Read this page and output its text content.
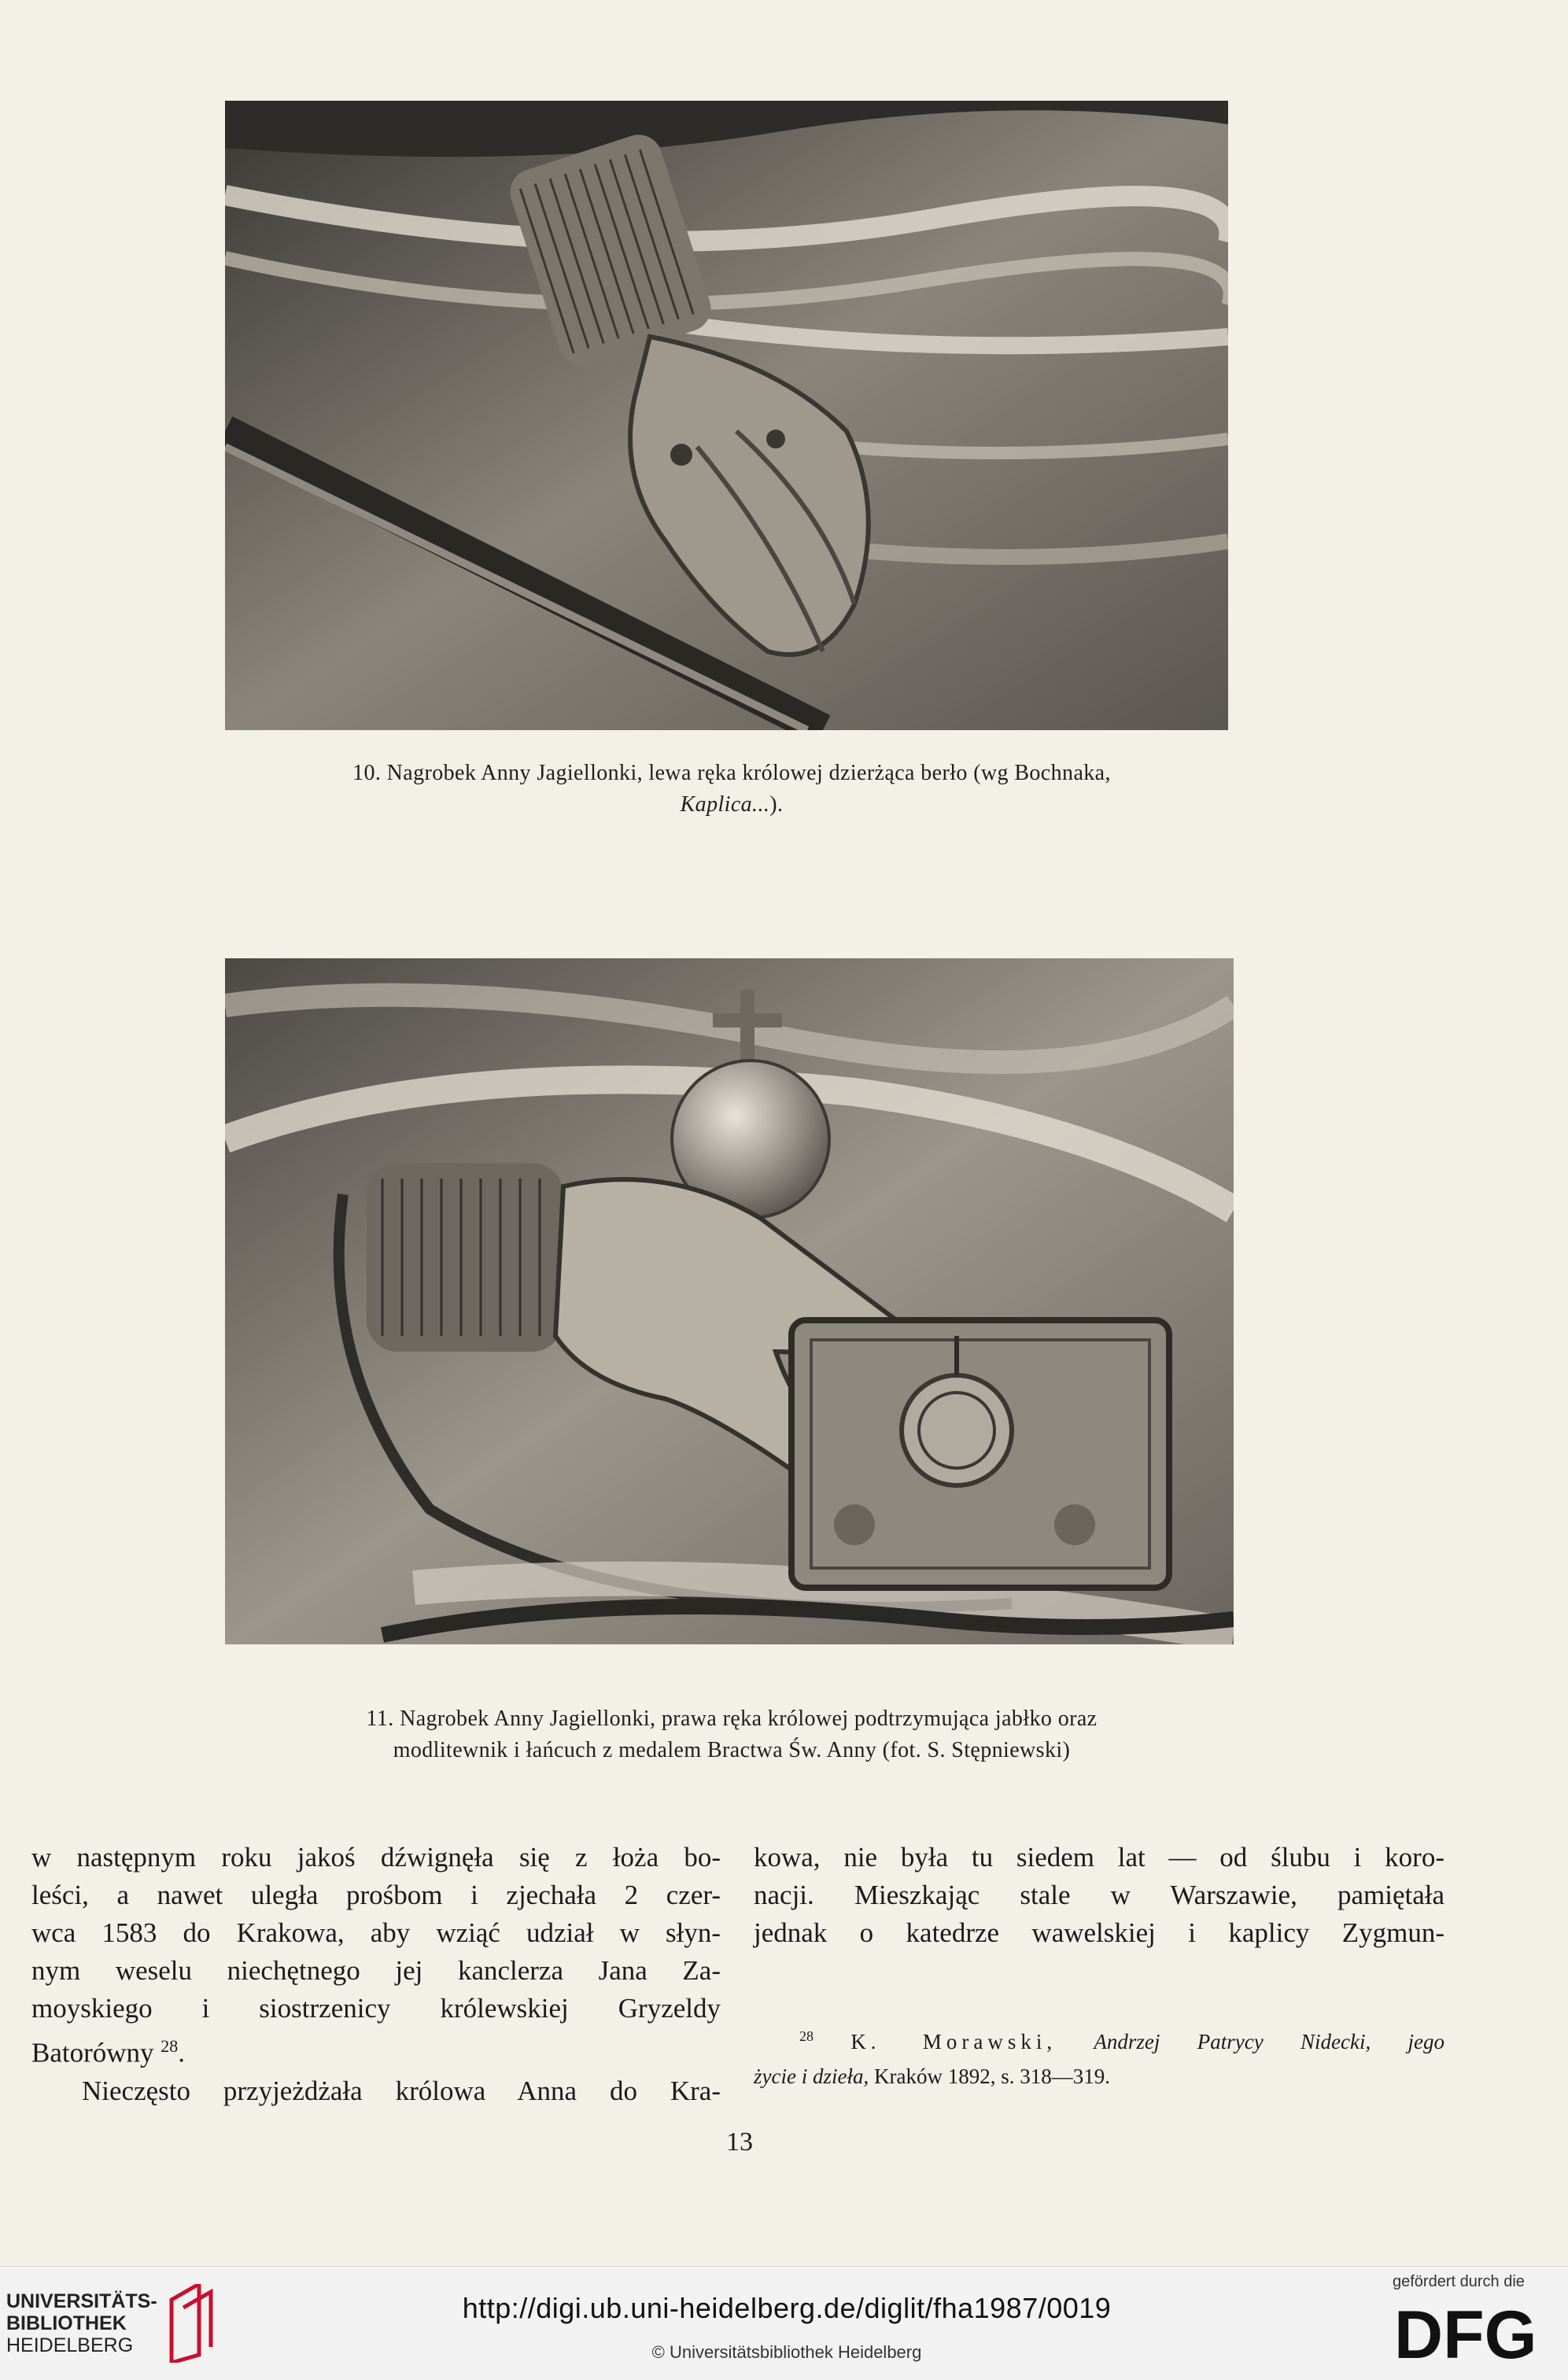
10. Nagrobek Anny Jagiellonki, lewa ręka królowej dzierżąca berło (wg Bochnaka,
Kaplica...).
11. Nagrobek Anny Jagiellonki, prawa ręka królowej podtrzymująca jabłko oraz
modlitewnik i łańcuch z medalem Bractwa Św. Anny (fot. S. Stępniewski)
w następnym roku jakoś dźwignęła się z łoża bo-
leści, a nawet uległa prośbom i zjechała 2 czer-
wca 1583 do Krakowa, aby wziąć udział w słyn-
nym weselu niechętnego jej kanclerza Jana Za-
moyskiego i siostrzenicy królewskiej Gryzeldy
Batorówny $^{28}$.
Nieczęsto przyjeżdżała królowa Anna do Kra-
kowa, nie była tu siedem lat — od ślubu i koro-
nacji. Mieszkając stale w Warszawie, pamiętała
jednak o katedrze wawelskiej i kaplicy Zygmun-
$^{28}$ K. Morawski, Andrzej Patrycy Nidecki, jego
życie i dzieła, Kraków 1892, s. 318—319.
13
UNIVERSITÄTS-
BIBLIOTHEK
HEIDELBERG
http://digi.ub.uni-heidelberg.de/diglit/fha1987/0019
© Universitätsbibliothek Heidelberg
gefördert durch die
DFG
